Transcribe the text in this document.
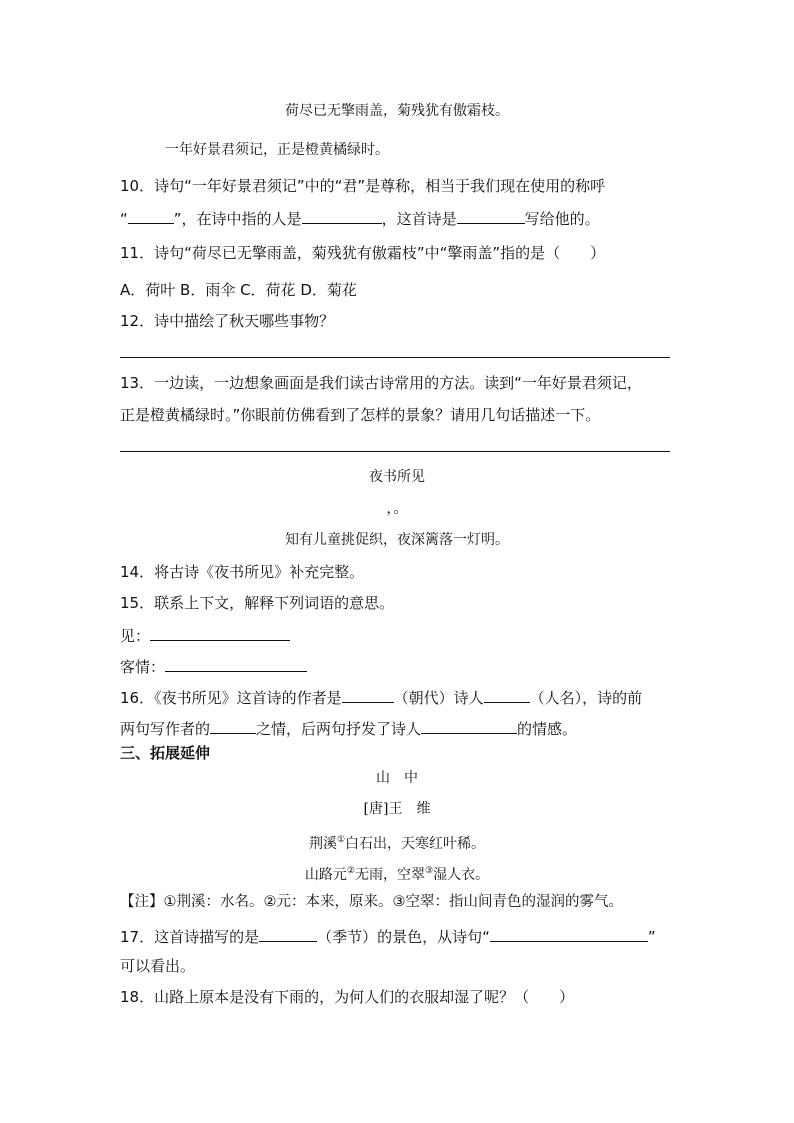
荷尽已无擎雨盖，菊残犹有傲霜枝。
一年好景君须记，正是橙黄橘绿时。
10．诗句“一年好景君须记”中的“君”是尊称，相当于我们现在使用的称呼
“	”，在诗中指的人是	，这首诗是	写给他的。
11．诗句“荷尽已无擎雨盖，菊残犹有傲霜枝”中“擎雨盖”指的是（　　）
A．荷叶 B．雨伞 C．荷花 D．菊花
12．诗中描绘了秋天哪些事物？
13．一边读，一边想象画面是我们读古诗常用的方法。读到“一年好景君须记，
正是橙黄橘绿时。”你眼前仿佛看到了怎样的景象？请用几句话描述一下。
夜书所见
，。
知有儿童挑促织，夜深篱落一灯明。
14．将古诗《夜书所见》补充完整。
15．联系上下文，解释下列词语的意思。
见：
客情：
16．《夜书所见》这首诗的作者是	（朝代）诗人	（人名），诗的前
两句写作者的	之情，后两句抒发了诗人	的情感。
三、拓展延伸
山　中
[唐]王　维
荆溪①白石出，天寒红叶稀。
山路元②无雨，空翠③湿人衣。
【注】①荆溪：水名。②元：本来，原来。③空翠：指山间青色的湿润的雾气。
17．这首诗描写的是	（季节）的景色，从诗句“	”
可以看出。
18．山路上原本是没有下雨的，为何人们的衣服却湿了呢？（　　）
